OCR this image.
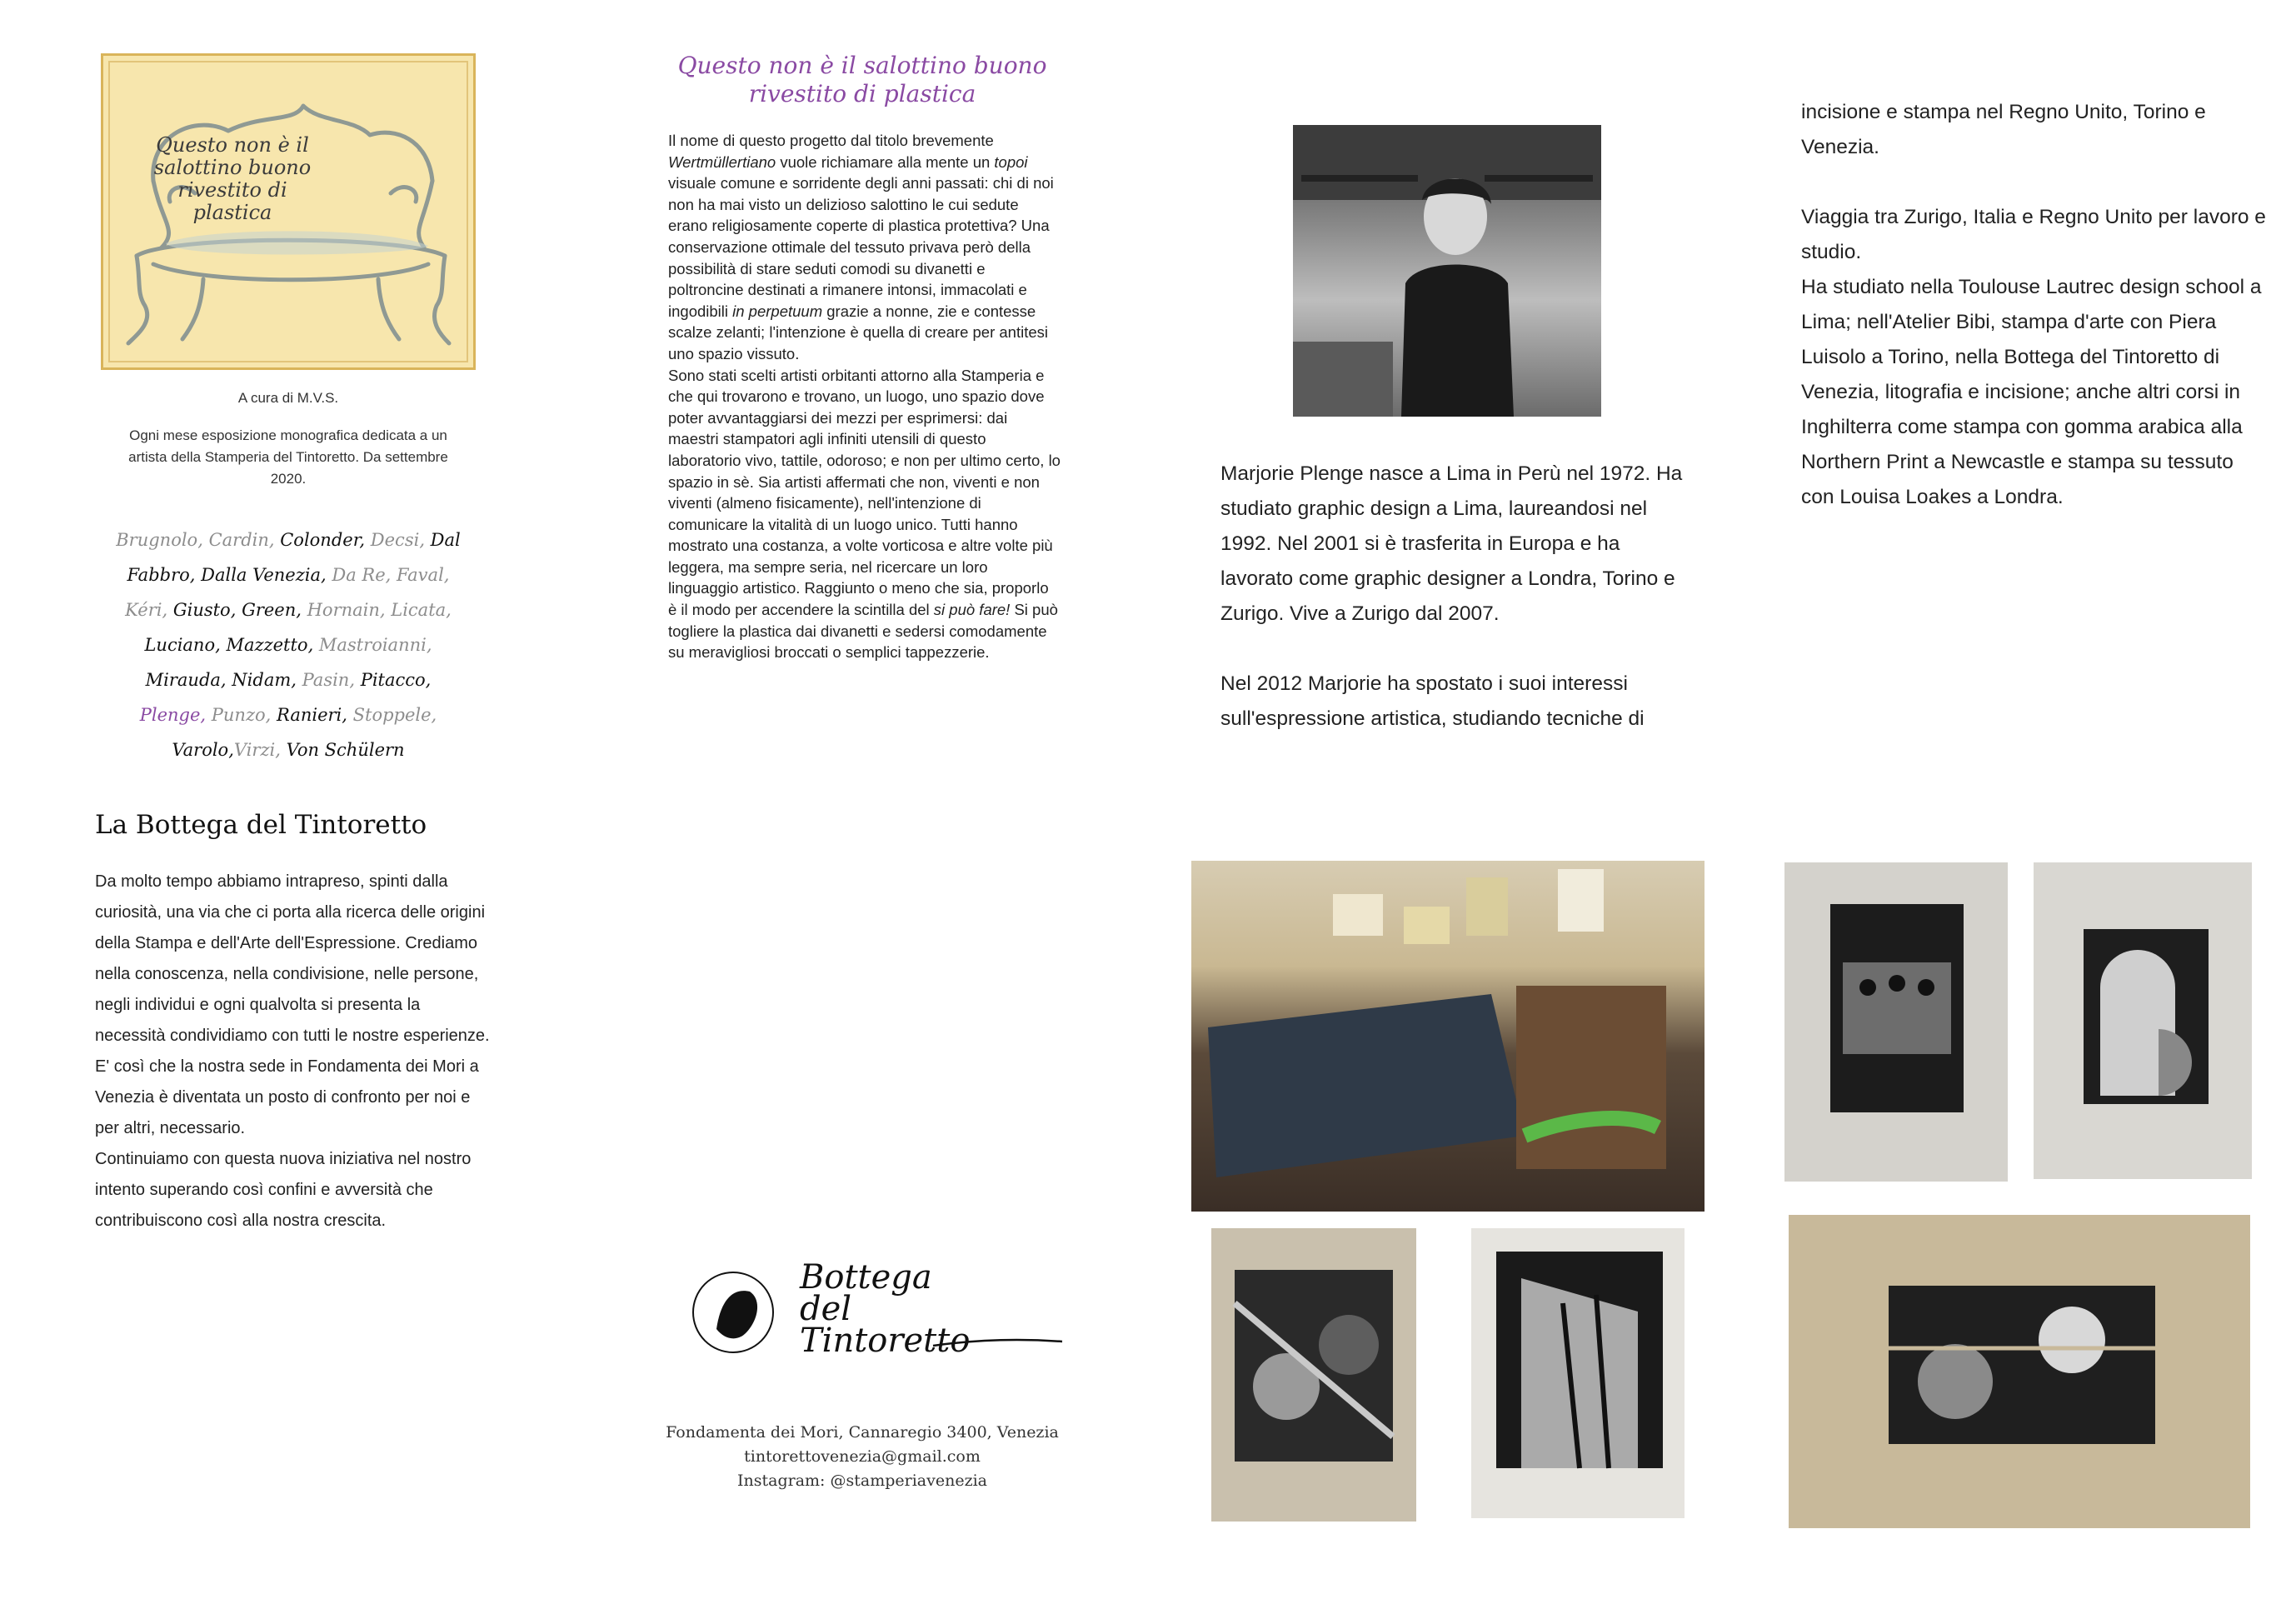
Questo non è il salottino buono rivestito di plastica
A cura di M.V.S.
Ogni mese esposizione monografica dedicata a un artista della Stamperia del Tintoretto. Da settembre 2020.
Brugnolo, Cardin, Colonder, Decsi, Dal
Fabbro, Dalla Venezia, Da Re, Faval,
Kéri, Giusto, Green, Hornain, Licata,
Luciano, Mazzetto, Mastroianni,
Mirauda, Nidam, Pasin, Pitacco,
Plenge, Punzo, Ranieri, Stoppele,
Varolo,Virzi, Von Schülern
La Bottega del Tintoretto

Da molto tempo abbiamo intrapreso, spinti dalla curiosità, una via che ci porta alla ricerca delle origini della Stampa e dell'Arte dell'Espressione. Crediamo nella conoscenza, nella condivisione, nelle persone, negli individui e ogni qualvolta si presenta la necessità condividiamo con tutti le nostre esperienze.

E' così che la nostra sede in Fondamenta dei Mori a Venezia è diventata un posto di confronto per noi e per altri, necessario.

Continuiamo con questa nuova iniziativa nel nostro intento superando così confini e avversità che contribuiscono così alla nostra crescita.

Questo non è il salottino buono rivestito di plastica
Il nome di questo progetto dal titolo brevemente Wertmüllertiano vuole richiamare alla mente un topoi visuale comune e sorridente degli anni passati: chi di noi non ha mai visto un delizioso salottino le cui sedute erano religiosamente coperte di plastica protettiva? Una conservazione ottimale del tessuto privava però della possibilità di stare seduti comodi su divanetti e poltroncine destinati a rimanere intonsi, immacolati e ingodibili in perpetuum grazie a nonne, zie e contesse scalze zelanti; l'intenzione è quella di creare per antitesi uno spazio vissuto.
Sono stati scelti artisti orbitanti attorno alla Stamperia e che qui trovarono e trovano, un luogo, uno spazio dove poter avvantaggiarsi dei mezzi per esprimersi: dai maestri stampatori agli infiniti utensili di questo laboratorio vivo, tattile, odoroso; e non per ultimo certo, lo spazio in sè. Sia artisti affermati che non, viventi e non viventi (almeno fisicamente), nell'intenzione di comunicare la vitalità di un luogo unico. Tutti hanno mostrato una costanza, a volte vorticosa e altre volte più leggera, ma sempre seria, nel ricercare un loro linguaggio artistico. Raggiunto o meno che sia, proporlo è il modo per accendere la scintilla del si può fare! Si può togliere la plastica dai divanetti e sedersi comodamente su meravigliosi broccati o semplici tappezzerie.
Bottega del Tintoretto
Fondamenta dei Mori, Cannaregio 3400, Venezia
tintorettovenezia@gmail.com
Instagram: @stamperiavenezia

Marjorie Plenge nasce a Lima in Perù nel 1972. Ha studiato graphic design a Lima, laureandosi nel 1992. Nel 2001 si è trasferita in Europa e ha lavorato come graphic designer a Londra, Torino e Zurigo. Vive a Zurigo dal 2007.

Nel 2012 Marjorie ha spostato i suoi interessi sull'espressione artistica, studiando tecniche di

incisione e stampa nel Regno Unito, Torino e Venezia.

Viaggia tra Zurigo, Italia e Regno Unito per lavoro e studio.

Ha studiato nella Toulouse Lautrec design school a Lima; nell'Atelier Bibi, stampa d'arte con Piera Luisolo a Torino, nella Bottega del Tintoretto di Venezia, litografia e incisione; anche altri corsi in Inghilterra come stampa con gomma arabica alla Northern Print a Newcastle e stampa su tessuto con Louisa Loakes a Londra.
